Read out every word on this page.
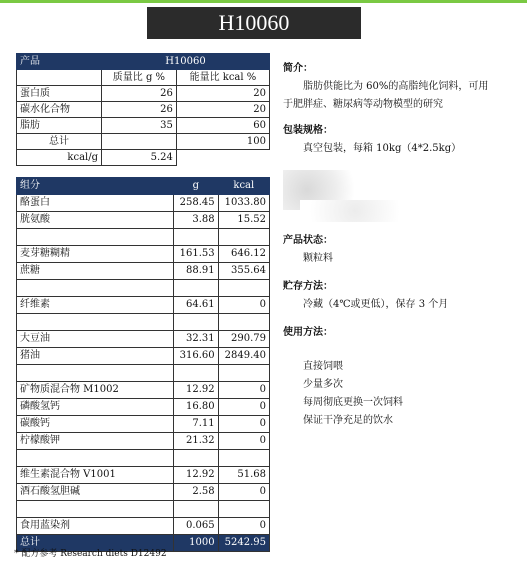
H10060
产品	H10060	
	质量比 g %	能量比 kcal %
蛋白质	26	20
碳水化合物	26	20
脂肪	35	60
总计		100
kcal/g	5.24	
组分	g	kcal
酪蛋白	258.45	1033.80
胱氨酸	3.88	15.52

麦芽糖糊精	161.53	646.12
蔗糖	88.91	355.64

纤维素	64.61	0

大豆油	32.31	290.79
猪油	316.60	2849.40

矿物质混合物 M1002	12.92	0
磷酸氢钙	16.80	0
碳酸钙	7.11	0
柠檬酸钾	21.32	0

维生素混合物 V1001	12.92	51.68
酒石酸氢胆碱	2.58	0

食用蓝染剂	0.065	0
总计	1000	5242.95

简介：

脂肪供能比为 60%的高脂纯化饲料，可用

于肥胖症、糖尿病等动物模型的研究

包装规格：

真空包装，每箱 10kg（4*2.5kg）

产品状态：

颗粒料

贮存方法：

冷藏（4℃或更低），保存 3 个月

使用方法：

直接饲喂

少量多次

每周彻底更换一次饲料

保证干净充足的饮水

* 配方参考 Research diets D12492
